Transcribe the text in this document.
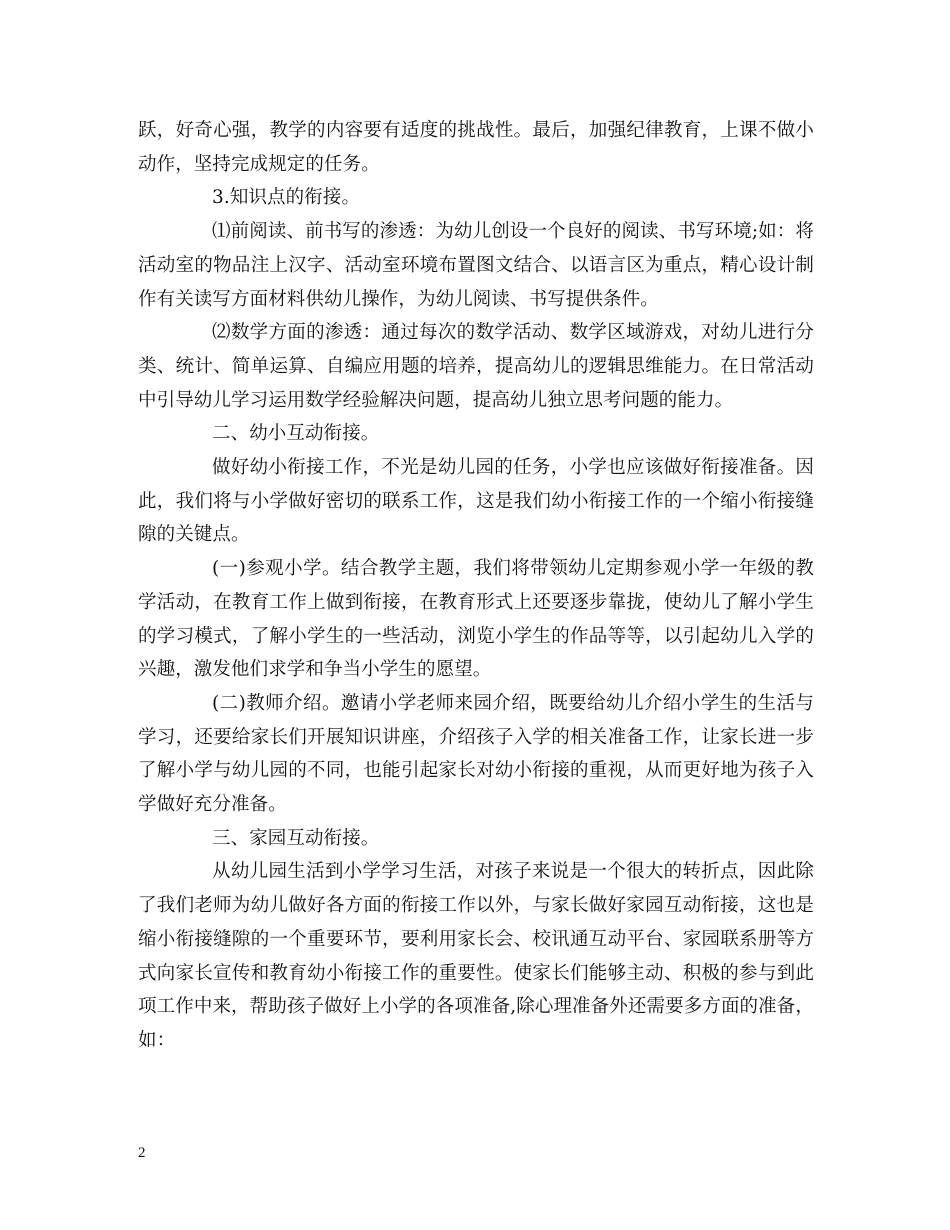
跃，好奇心强，教学的内容要有适度的挑战性。最后，加强纪律教育，上课不做小动作，坚持完成规定的任务。

3.知识点的衔接。

⑴前阅读、前书写的渗透：为幼儿创设一个良好的阅读、书写环境;如：将活动室的物品注上汉字、活动室环境布置图文结合、以语言区为重点，精心设计制作有关读写方面材料供幼儿操作，为幼儿阅读、书写提供条件。

⑵数学方面的渗透：通过每次的数学活动、数学区域游戏，对幼儿进行分类、统计、简单运算、自编应用题的培养，提高幼儿的逻辑思维能力。在日常活动中引导幼儿学习运用数学经验解决问题，提高幼儿独立思考问题的能力。

二、幼小互动衔接。

做好幼小衔接工作，不光是幼儿园的任务，小学也应该做好衔接准备。因此，我们将与小学做好密切的联系工作，这是我们幼小衔接工作的一个缩小衔接缝隙的关键点。

(一)参观小学。结合教学主题，我们将带领幼儿定期参观小学一年级的教学活动，在教育工作上做到衔接，在教育形式上还要逐步靠拢，使幼儿了解小学生的学习模式，了解小学生的一些活动，浏览小学生的作品等等，以引起幼儿入学的兴趣，激发他们求学和争当小学生的愿望。

(二)教师介绍。邀请小学老师来园介绍，既要给幼儿介绍小学生的生活与学习，还要给家长们开展知识讲座，介绍孩子入学的相关准备工作，让家长进一步了解小学与幼儿园的不同，也能引起家长对幼小衔接的重视，从而更好地为孩子入学做好充分准备。

三、家园互动衔接。

从幼儿园生活到小学学习生活，对孩子来说是一个很大的转折点，因此除了我们老师为幼儿做好各方面的衔接工作以外，与家长做好家园互动衔接，这也是缩小衔接缝隙的一个重要环节，要利用家长会、校讯通互动平台、家园联系册等方式向家长宣传和教育幼小衔接工作的重要性。使家长们能够主动、积极的参与到此项工作中来，帮助孩子做好上小学的各项准备,除心理准备外还需要多方面的准备，如：

2
